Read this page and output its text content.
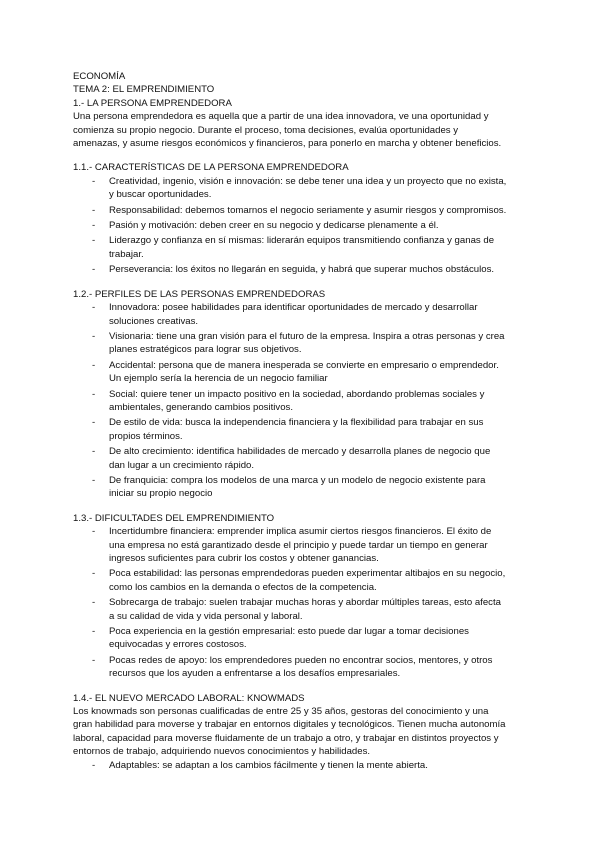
ECONOMÍA

TEMA 2: EL EMPRENDIMIENTO

1.- LA PERSONA EMPRENDEDORA

Una persona emprendedora es aquella que a partir de una idea innovadora, ve una oportunidad y

comienza su propio negocio. Durante el proceso, toma decisiones, evalúa oportunidades y

amenazas, y asume riesgos económicos y financieros, para ponerlo en marcha y obtener beneficios.

1.1.- CARACTERÍSTICAS DE LA PERSONA EMPRENDEDORA

- Creatividad, ingenio, visión e innovación: se debe tener una idea y un proyecto que no exista,
y buscar oportunidades.
- Responsabilidad: debemos tomarnos el negocio seriamente y asumir riesgos y compromisos.
- Pasión y motivación: deben creer en su negocio y dedicarse plenamente a él.
- Liderazgo y confianza en sí mismas: liderarán equipos transmitiendo confianza y ganas de
trabajar.
- Perseverancia: los éxitos no llegarán en seguida, y habrá que superar muchos obstáculos.

1.2.- PERFILES DE LAS PERSONAS EMPRENDEDORAS

- Innovadora: posee habilidades para identificar oportunidades de mercado y desarrollar
soluciones creativas.
- Visionaria: tiene una gran visión para el futuro de la empresa. Inspira a otras personas y crea
planes estratégicos para lograr sus objetivos.
- Accidental: persona que de manera inesperada se convierte en empresario o emprendedor.
Un ejemplo sería la herencia de un negocio familiar
- Social: quiere tener un impacto positivo en la sociedad, abordando problemas sociales y
ambientales, generando cambios positivos.
- De estilo de vida: busca la independencia financiera y la flexibilidad para trabajar en sus
propios términos.
- De alto crecimiento: identifica habilidades de mercado y desarrolla planes de negocio que
dan lugar a un crecimiento rápido.
- De franquicia: compra los modelos de una marca y un modelo de negocio existente para
iniciar su propio negocio

1.3.- DIFICULTADES DEL EMPRENDIMIENTO

- Incertidumbre financiera: emprender implica asumir ciertos riesgos financieros. El éxito de
una empresa no está garantizado desde el principio y puede tardar un tiempo en generar
ingresos suficientes para cubrir los costos y obtener ganancias.
- Poca estabilidad: las personas emprendedoras pueden experimentar altibajos en su negocio,
como los cambios en la demanda o efectos de la competencia.
- Sobrecarga de trabajo: suelen trabajar muchas horas y abordar múltiples tareas, esto afecta
a su calidad de vida y vida personal y laboral.
- Poca experiencia en la gestión empresarial: esto puede dar lugar a tomar decisiones
equivocadas y errores costosos.
- Pocas redes de apoyo: los emprendedores pueden no encontrar socios, mentores, y otros
recursos que los ayuden a enfrentarse a los desafíos empresariales.

1.4.- EL NUEVO MERCADO LABORAL: KNOWMADS

Los knowmads son personas cualificadas de entre 25 y 35 años, gestoras del conocimiento y una

gran habilidad para moverse y trabajar en entornos digitales y tecnológicos. Tienen mucha autonomía

laboral, capacidad para moverse fluidamente de un trabajo a otro, y trabajar en distintos proyectos y

entornos de trabajo, adquiriendo nuevos conocimientos y habilidades.

- Adaptables: se adaptan a los cambios fácilmente y tienen la mente abierta.
